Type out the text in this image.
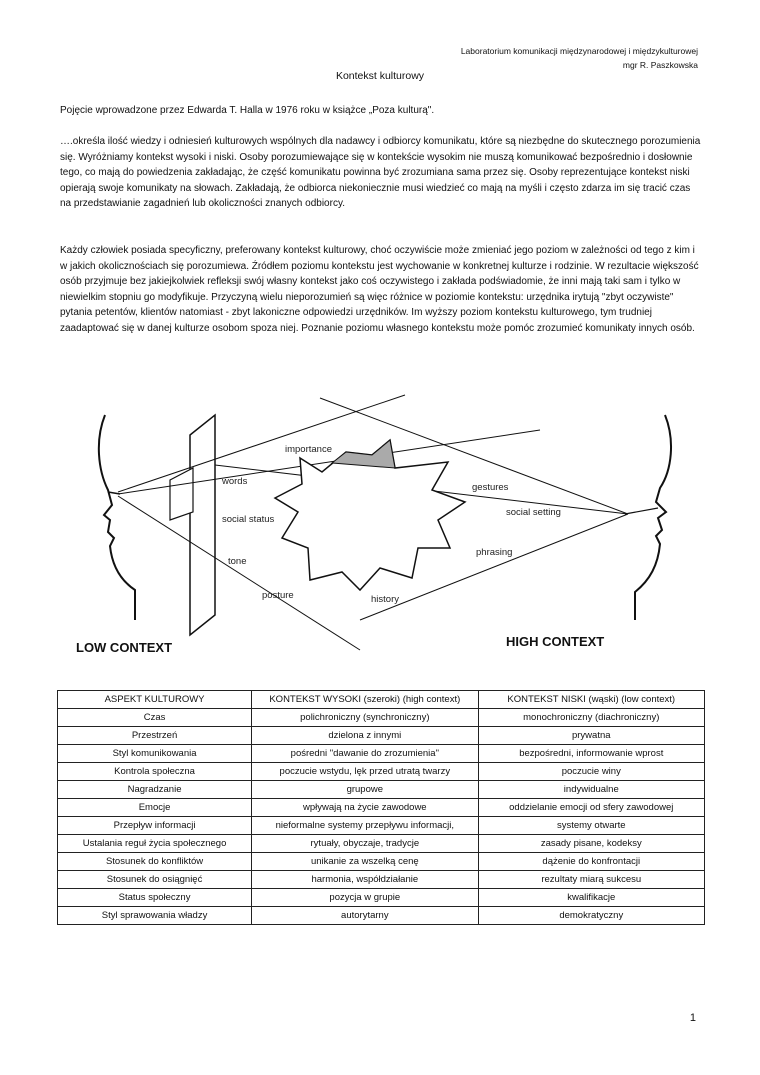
Laboratorium komunikacji międzynarodowej i międzykulturowej
mgr R. Paszkowska
Kontekst kulturowy

Pojęcie wprowadzone przez Edwarda T. Halla w 1976 roku w książce „Poza kulturą".

….określa ilość wiedzy i odniesień kulturowych wspólnych dla nadawcy i odbiorcy komunikatu, które są niezbędne do skutecznego porozumienia się. Wyróżniamy kontekst wysoki i niski. Osoby porozumiewające się w kontekście wysokim nie muszą komunikować bezpośrednio i dosłownie tego, co mają do powiedzenia zakładając, że część komunikatu powinna być zrozumiana sama przez się. Osoby reprezentujące kontekst niski opierają swoje komunikaty na słowach. Zakładają, że odbiorca niekoniecznie musi wiedzieć co mają na myśli i często zdarza im się tracić czas na przedstawianie zagadnień lub okoliczności znanych odbiorcy.

Każdy człowiek posiada specyficzny, preferowany kontekst kulturowy, choć oczywiście może zmieniać jego poziom w zależności od tego z kim i w jakich okolicznościach się porozumiewa. Źródłem poziomu kontekstu jest wychowanie w konkretnej kulturze i rodzinie. W rezultacie większość osób przyjmuje bez jakiejkolwiek refleksji swój własny kontekst jako coś oczywistego i zakłada podświadomie, że inni mają taki sam i tylko w niewielkim stopniu go modyfikuje. Przyczyną wielu nieporozumień są więc różnice w poziomie kontekstu: urzędnika irytują "zbyt oczywiste" pytania petentów, klientów natomiast - zbyt lakoniczne odpowiedzi urzędników. Im wyższy poziom kontekstu kulturowego, tym trudniej zaadaptować się w danej kulturze osobom spoza niej. Poznanie poziomu własnego kontekstu może pomóc zrozumieć komunikaty innych osób.

importance
words
gestures
social status
social setting
tone
phrasing
posture	history
LOW CONTEXT	HIGH CONTEXT
ASPEKT KULTUROWY	KONTEKST WYSOKI (szeroki) (high context)	KONTEKST NISKI (wąski) (low context)
Czas	polichroniczny (synchroniczny)	monochroniczny (diachroniczny)
Przestrzeń	dzielona z innymi	prywatna
Styl komunikowania	pośredni "dawanie do zrozumienia"	bezpośredni, informowanie wprost
Kontrola społeczna	poczucie wstydu, lęk przed utratą twarzy	poczucie winy
Nagradzanie	grupowe	indywidualne
Emocje	wpływają na życie zawodowe	oddzielanie emocji od sfery zawodowej
Przepływ informacji	nieformalne systemy przepływu informacji,	systemy otwarte
Ustalania reguł życia społecznego	rytuały, obyczaje, tradycje	zasady pisane, kodeksy
Stosunek do konfliktów	unikanie za wszelką cenę	dążenie do konfrontacji
Stosunek do osiągnięć	harmonia, współdziałanie	rezultaty miarą sukcesu
Status społeczny	pozycja w grupie	kwalifikacje
Styl sprawowania władzy	autorytarny	demokratyczny
1
